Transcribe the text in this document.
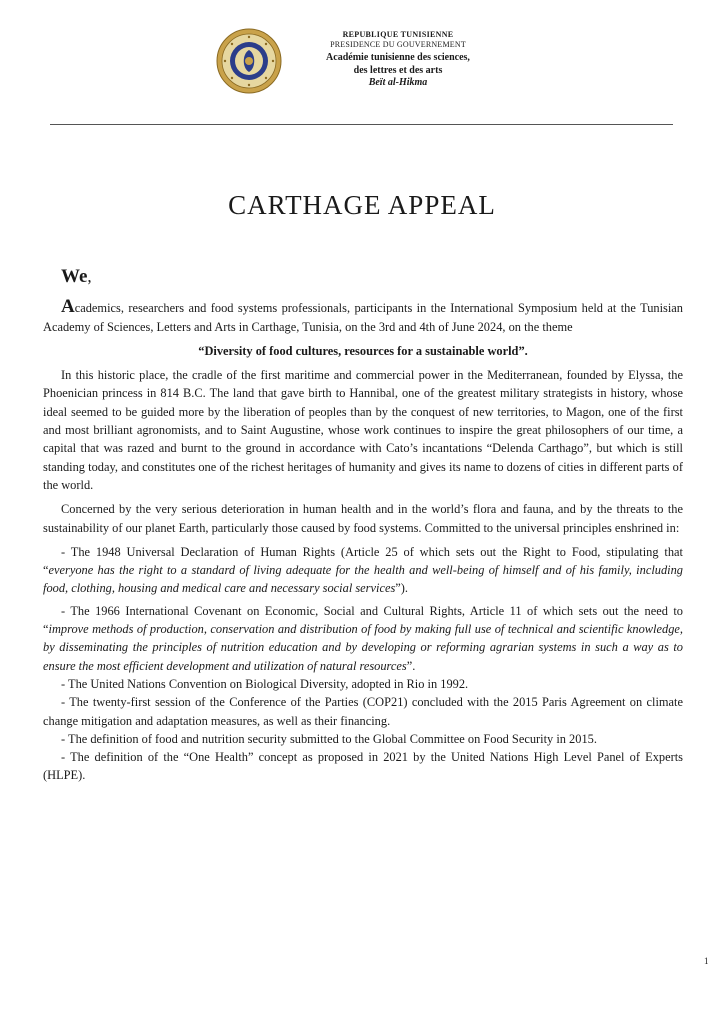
REPUBLIQUE TUNISIENNE
PRESIDENCE DU GOUVERNEMENT
Académie tunisienne des sciences,
des lettres et des arts
Beït al-Hikma
CARTHAGE APPEAL
We,

Academics, researchers and food systems professionals, participants in the International Symposium held at the Tunisian Academy of Sciences, Letters and Arts in Carthage, Tunisia, on the 3rd and 4th of June 2024, on the theme

“Diversity of food cultures, resources for a sustainable world”.

In this historic place, the cradle of the first maritime and commercial power in the Mediterranean, founded by Elyssa, the Phoenician princess in 814 B.C. The land that gave birth to Hannibal, one of the greatest military strategists in history, whose ideal seemed to be guided more by the liberation of peoples than by the conquest of new territories, to Magon, one of the first and most brilliant agronomists, and to Saint Augustine, whose work continues to inspire the great philosophers of our time, a capital that was razed and burnt to the ground in accordance with Cato’s incantations “Delenda Carthago”, but which is still standing today, and constitutes one of the richest heritages of humanity and gives its name to dozens of cities in different parts of the world.

Concerned by the very serious deterioration in human health and in the world’s flora and fauna, and by the threats to the sustainability of our planet Earth, particularly those caused by food systems. Committed to the universal principles enshrined in:

- The 1948 Universal Declaration of Human Rights (Article 25 of which sets out the Right to Food, stipulating that “everyone has the right to a standard of living adequate for the health and well-being of himself and of his family, including food, clothing, housing and medical care and necessary social services”).
- The 1966 International Covenant on Economic, Social and Cultural Rights, Article 11 of which sets out the need to “improve methods of production, conservation and distribution of food by making full use of technical and scientific knowledge, by disseminating the principles of nutrition education and by developing or reforming agrarian systems in such a way as to ensure the most efficient development and utilization of natural resources”.
- The United Nations Convention on Biological Diversity, adopted in Rio in 1992.
- The twenty-first session of the Conference of the Parties (COP21) concluded with the 2015 Paris Agreement on climate change mitigation and adaptation measures, as well as their financing.
- The definition of food and nutrition security submitted to the Global Committee on Food Security in 2015.
- The definition of the “One Health” concept as proposed in 2021 by the United Nations High Level Panel of Experts (HLPE).
1
